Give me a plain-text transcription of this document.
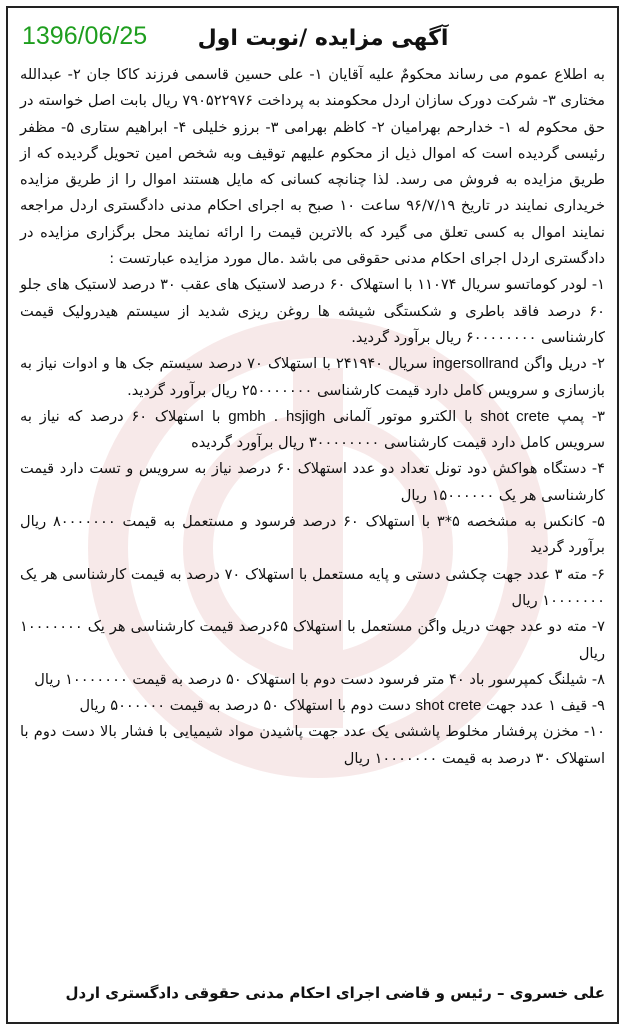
1396/06/25	آگهی مزایده /نوبت اول

به اطلاع عموم می رساند محکومٌ علیه آقایان ۱- علی حسین قاسمی فرزند کاکا جان ۲- عبدالله مختاری ۳- شرکت دورک سازان اردل محکومند به پرداخت ۷۹۰۵۲۲۹۷۶ ریال بابت اصل خواسته در حق محکوم له ۱- خدارحم بهرامیان ۲- کاظم بهرامی ۳- برزو خلیلی ۴- ابراهیم ستاری ۵- مظفر رئیسی گردیده است که اموال ذیل از محکوم علیهم توقیف وبه شخص امین تحویل گردیده که از طریق مزایده به فروش می رسد. لذا چنانچه کسانی که مایل هستند اموال را از طریق مزایده خریداری نمایند در تاریخ ۹۶/۷/۱۹ ساعت ۱۰ صبح به اجرای احکام مدنی دادگستری اردل مراجعه نمایند اموال به کسی تعلق می گیرد که بالاترین قیمت را ارائه نمایند محل برگزاری مزایده در دادگستری اردل اجرای احکام مدنی حقوقی می باشد .مال مورد مزایده عبارتست :

۱- لودر کوماتسو سریال ۱۱۰۷۴ با استهلاک ۶۰ درصد لاستیک های عقب ۳۰ درصد لاستیک های جلو ۶۰ درصد فاقد باطری و شکستگی شیشه ها روغن ریزی شدید از سیستم هیدرولیک قیمت کارشناسی ۶۰۰۰۰۰۰۰۰ ریال برآورد گردید.

۲- دریل واگن ingersollrand سریال ۲۴۱۹۴۰ با استهلاک ۷۰ درصد سیستم جک ها و ادوات نیاز به بازسازی و سرویس کامل دارد قیمت کارشناسی ۲۵۰۰۰۰۰۰۰ ریال برآورد گردید.

۳- پمپ shot crete با الکترو موتور آلمانی gmbh . hsjigh با استهلاک ۶۰ درصد که نیاز به سرویس کامل دارد قیمت کارشناسی ۳۰۰۰۰۰۰۰۰ ریال برآورد گردیده

۴- دستگاه هواکش دود تونل تعداد دو عدد استهلاک ۶۰ درصد نیاز به سرویس و تست دارد قیمت کارشناسی هر یک ۱۵۰۰۰۰۰۰ ریال

۵- کانکس به مشخصه ۵*۳ با استهلاک ۶۰ درصد فرسود و مستعمل به قیمت ۸۰۰۰۰۰۰۰ ریال برآورد گردید

۶- مته ۳ عدد جهت چکشی دستی و پایه مستعمل با استهلاک ۷۰ درصد به قیمت کارشناسی هر یک ۱۰۰۰۰۰۰۰ ریال

۷- مته دو عدد جهت دریل واگن مستعمل با استهلاک ۶۵درصد قیمت کارشناسی هر یک ۱۰۰۰۰۰۰۰ ریال

۸- شیلنگ کمپرسور باد ۴۰ متر فرسود دست دوم با استهلاک ۵۰ درصد به قیمت ۱۰۰۰۰۰۰۰ ریال

۹- قیف ۱ عدد جهت shot crete دست دوم با استهلاک ۵۰ درصد به قیمت ۵۰۰۰۰۰۰ ریال

۱۰- مخزن پرفشار مخلوط پاششی یک عدد جهت پاشیدن مواد شیمیایی با فشار بالا دست دوم با استهلاک ۳۰ درصد به قیمت ۱۰۰۰۰۰۰۰ ریال

علی خسروی – رئیس و قاضی اجرای احکام مدنی حقوقی دادگستری اردل
